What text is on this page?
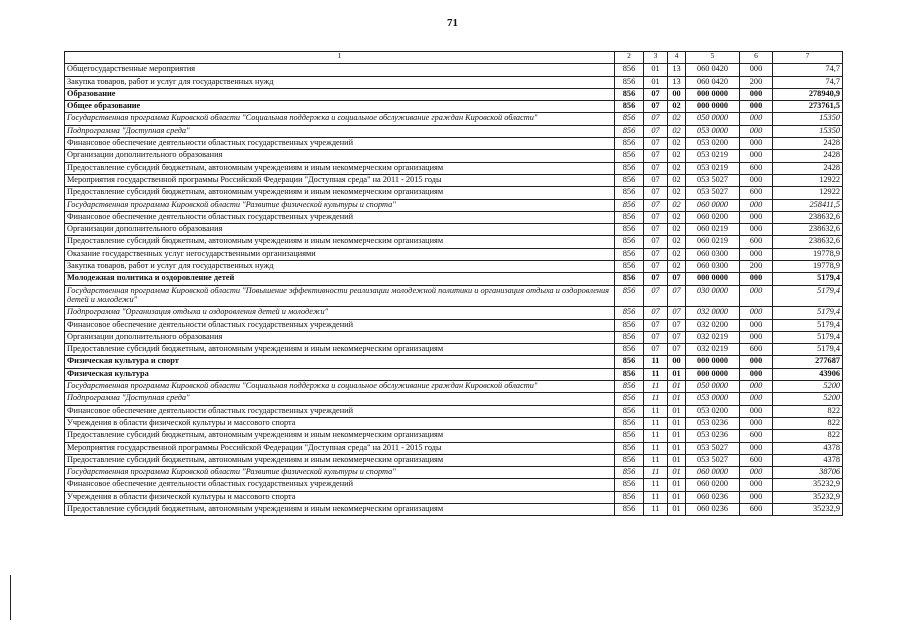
71
1	2	3	4	5	6	7
Общегосударственные мероприятия	856	01	13	060 0420	000	74,7
Закупка товаров, работ и услуг для государственных нужд	856	01	13	060 0420	200	74,7
Образование	856	07	00	000 0000	000	278940,9
Общее образование	856	07	02	000 0000	000	273761,5
Государственная программа Кировской области "Социальная поддержка и социальное обслуживание граждан Кировской области"	856	07	02	050 0000	000	15350
Подпрограмма "Доступная среда"	856	07	02	053 0000	000	15350
Финансовое обеспечение деятельности областных государственных учреждений	856	07	02	053 0200	000	2428
Организации дополнительного образования	856	07	02	053 0219	000	2428
Предоставление субсидий бюджетным, автономным учреждениям и иным некоммерческим организациям	856	07	02	053 0219	600	2428
Мероприятия государственной программы Российской Федерации "Доступная среда" на 2011 - 2015 годы	856	07	02	053 5027	000	12922
Предоставление субсидий бюджетным, автономным учреждениям и иным некоммерческим организациям	856	07	02	053 5027	600	12922
Государственная программа Кировской области "Развитие физической культуры и спорта"	856	07	02	060 0000	000	258411,5
Финансовое обеспечение деятельности областных государственных учреждений	856	07	02	060 0200	000	238632,6
Организации дополнительного образования	856	07	02	060 0219	000	238632,6
Предоставление субсидий бюджетным, автономным учреждениям и иным некоммерческим организациям	856	07	02	060 0219	600	238632,6
Оказание государственных услуг негосударственными организациями	856	07	02	060 0300	000	19778,9
Закупка товаров, работ и услуг для государственных нужд	856	07	02	060 0300	200	19778,9
Молодежная политика и оздоровление детей	856	07	07	000 0000	000	5179,4
Государственная программа Кировской области "Повышение эффективности реализации молодежной политики и организация отдыха и оздоровления детей и молодежи"	856	07	07	030 0000	000	5179,4
Подпрограмма "Организация отдыха и оздоровления детей и молодежи"	856	07	07	032 0000	000	5179,4
Финансовое обеспечение деятельности областных государственных учреждений	856	07	07	032 0200	000	5179,4
Организации дополнительного образования	856	07	07	032 0219	000	5179,4
Предоставление субсидий бюджетным, автономным учреждениям и иным некоммерческим организациям	856	07	07	032 0219	600	5179,4
Физическая культура и спорт	856	11	00	000 0000	000	277687
Физическая культура	856	11	01	000 0000	000	43906
Государственная программа Кировской области "Социальная поддержка и социальное обслуживание граждан Кировской области"	856	11	01	050 0000	000	5200
Подпрограмма "Доступная среда"	856	11	01	053 0000	000	5200
Финансовое обеспечение деятельности областных государственных учреждений	856	11	01	053 0200	000	822
Учреждения в области физической культуры и массового спорта	856	11	01	053 0236	000	822
Предоставление субсидий бюджетным, автономным учреждениям и иным некоммерческим организациям	856	11	01	053 0236	600	822
Мероприятия государственной программы Российской Федерации "Доступная среда" на 2011 - 2015 годы	856	11	01	053 5027	000	4378
Предоставление субсидий бюджетным, автономным учреждениям и иным некоммерческим организациям	856	11	01	053 5027	600	4378
Государственная программа Кировской области "Развитие физической культуры и спорта"	856	11	01	060 0000	000	38706
Финансовое обеспечение деятельности областных государственных учреждений	856	11	01	060 0200	000	35232,9
Учреждения в области физической культуры и массового спорта	856	11	01	060 0236	000	35232,9
Предоставление субсидий бюджетным, автономным учреждениям и иным некоммерческим организациям	856	11	01	060 0236	600	35232,9
